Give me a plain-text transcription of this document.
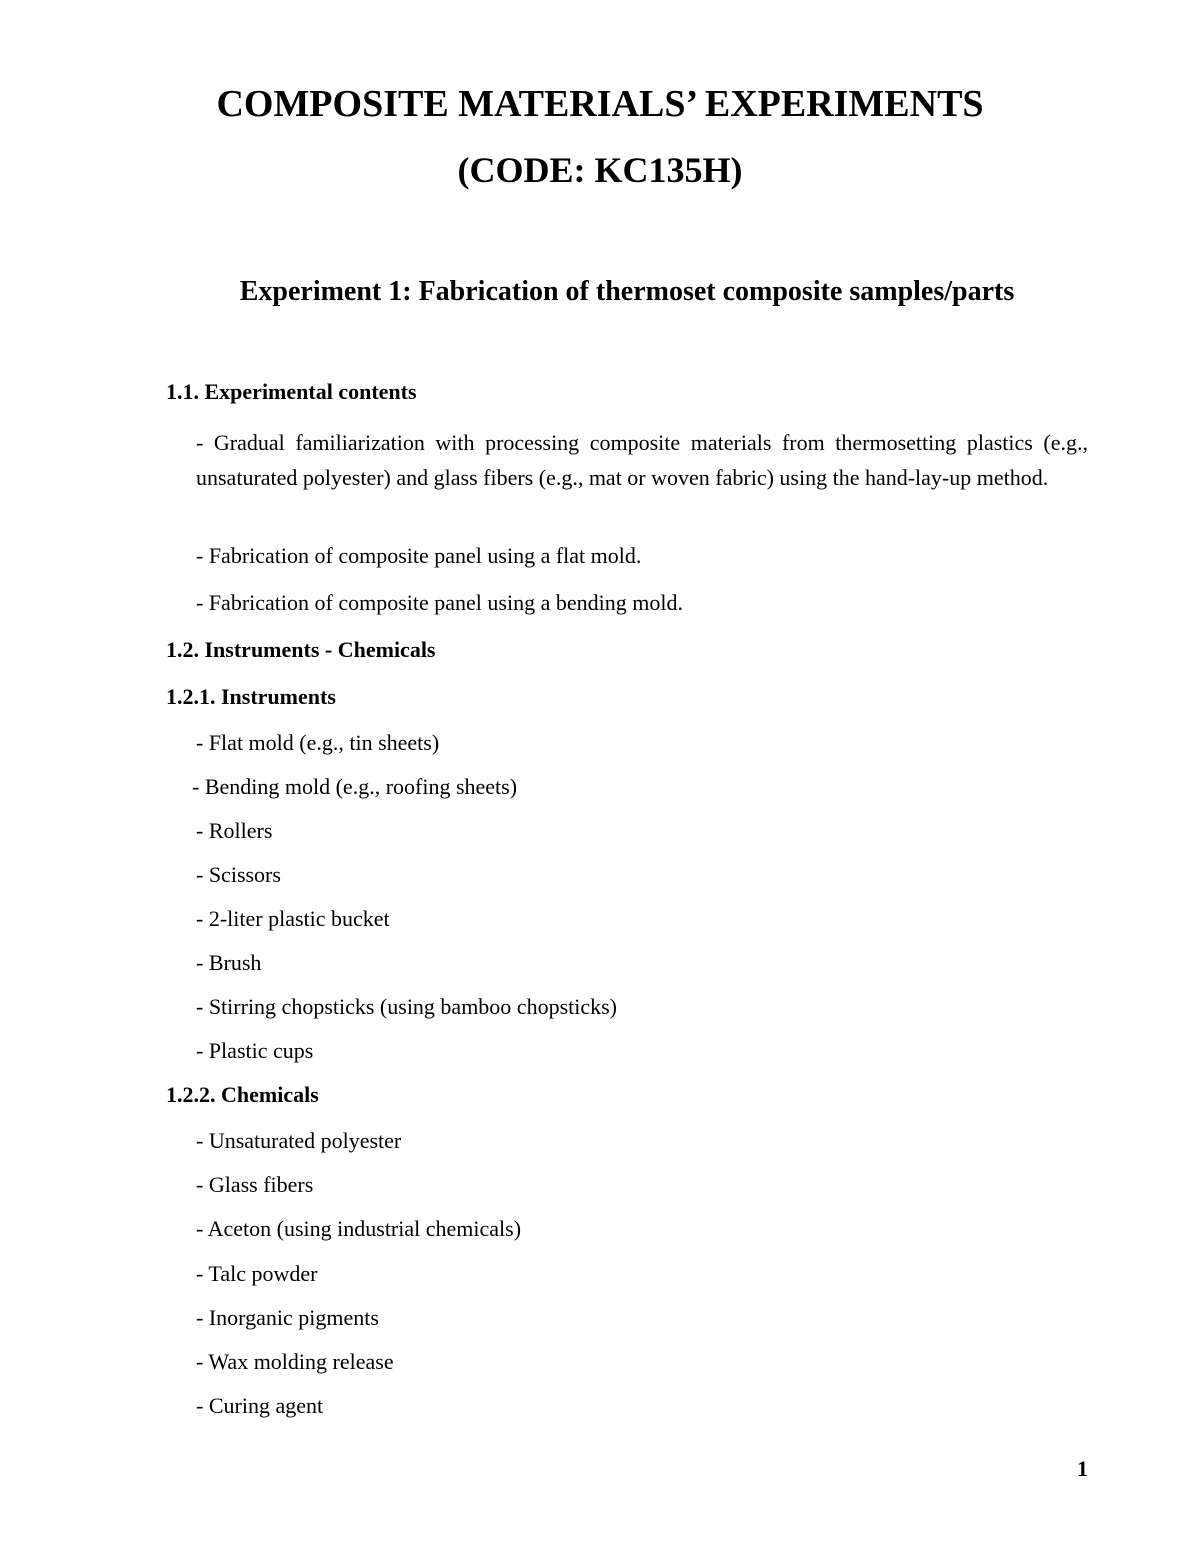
COMPOSITE MATERIALS’ EXPERIMENTS
(CODE: KC135H)
Experiment 1: Fabrication of thermoset composite samples/parts
1.1. Experimental contents

- Gradual familiarization with processing composite materials from thermosetting plastics (e.g., unsaturated polyester) and glass fibers (e.g., mat or woven fabric) using the hand-lay-up method.

- Fabrication of composite panel using a flat mold.

- Fabrication of composite panel using a bending mold.

1.2. Instruments - Chemicals
1.2.1. Instruments

- Flat mold (e.g., tin sheets)

- Bending mold (e.g., roofing sheets)

- Rollers

- Scissors

- 2-liter plastic bucket

- Brush

- Stirring chopsticks (using bamboo chopsticks)

- Plastic cups

1.2.2. Chemicals

- Unsaturated polyester

- Glass fibers

- Aceton (using industrial chemicals)

- Talc powder

- Inorganic pigments

- Wax molding release

- Curing agent

1
